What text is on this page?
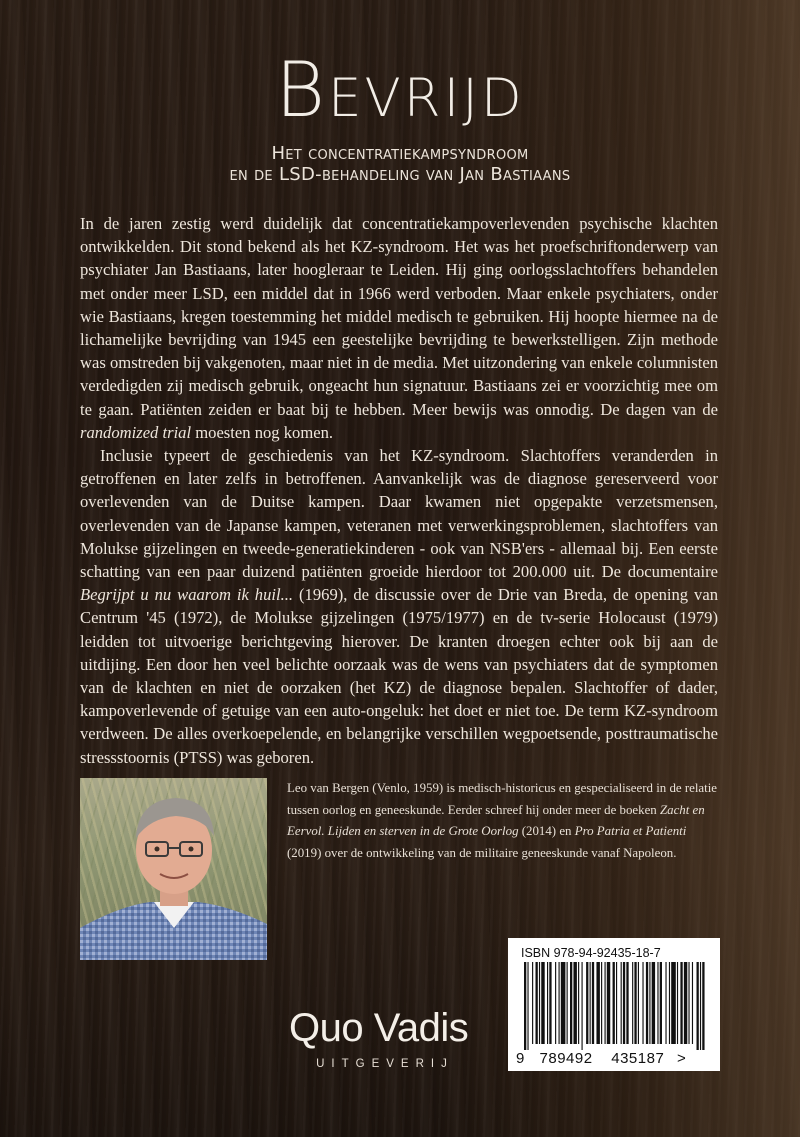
Bevrijd
Het concentratiekampsyndroom
en de LSD-behandeling van Jan Bastiaans

In de jaren zestig werd duidelijk dat concentratiekampoverlevenden psychische klachten ontwikkelden. Dit stond bekend als het KZ-syndroom. Het was het proefschriftonderwerp van psychiater Jan Bastiaans, later hoogleraar te Leiden. Hij ging oorlogsslachtoffers behandelen met onder meer LSD, een middel dat in 1966 werd verboden. Maar enkele psychiaters, onder wie Bastiaans, kregen toestemming het middel medisch te gebruiken. Hij hoopte hiermee na de lichamelijke bevrijding van 1945 een geestelijke bevrijding te bewerkstelligen. Zijn methode was omstreden bij vakgenoten, maar niet in de media. Met uitzondering van enkele columnisten verdedigden zij medisch gebruik, ongeacht hun signatuur. Bastiaans zei er voorzichtig mee om te gaan. Patiënten zeiden er baat bij te hebben. Meer bewijs was onnodig. De dagen van de randomized trial moesten nog komen.

Inclusie typeert de geschiedenis van het KZ-syndroom. Slachtoffers veranderden in getroffenen en later zelfs in betroffenen. Aanvankelijk was de diagnose gereserveerd voor overlevenden van de Duitse kampen. Daar kwamen niet opgepakte verzetsmensen, overlevenden van de Japanse kampen, veteranen met verwerkingsproblemen, slachtoffers van Molukse gijzelingen en tweede-generatiekinderen - ook van NSB'ers - allemaal bij. Een eerste schatting van een paar duizend patiënten groeide hierdoor tot 200.000 uit. De documentaire Begrijpt u nu waarom ik huil... (1969), de discussie over de Drie van Breda, de opening van Centrum '45 (1972), de Molukse gijzelingen (1975/1977) en de tv-serie Holocaust (1979) leidden tot uitvoerige berichtgeving hierover. De kranten droegen echter ook bij aan de uitdijing. Een door hen veel belichte oorzaak was de wens van psychiaters dat de symptomen van de klachten en niet de oorzaken (het KZ) de diagnose bepalen. Slachtoffer of dader, kampoverlevende of getuige van een auto-ongeluk: het doet er niet toe. De term KZ-syndroom verdween. De alles overkoepelende, en belangrijke verschillen wegpoetsende, posttraumatische stressstoornis (PTSS) was geboren.

Leo van Bergen (Venlo, 1959) is medisch-historicus en gespecialiseerd in de relatie tussen oorlog en geneeskunde. Eerder schreef hij onder meer de boeken Zacht en Eervol. Lijden en sterven in de Grote Oorlog (2014) en Pro Patria et Patienti (2019) over de ontwikkeling van de militaire geneeskunde vanaf Napoleon.

ISBN 978-94-92435-18-7
9 789492 435187 >
Quo Vadis
UITGEVERIJ
